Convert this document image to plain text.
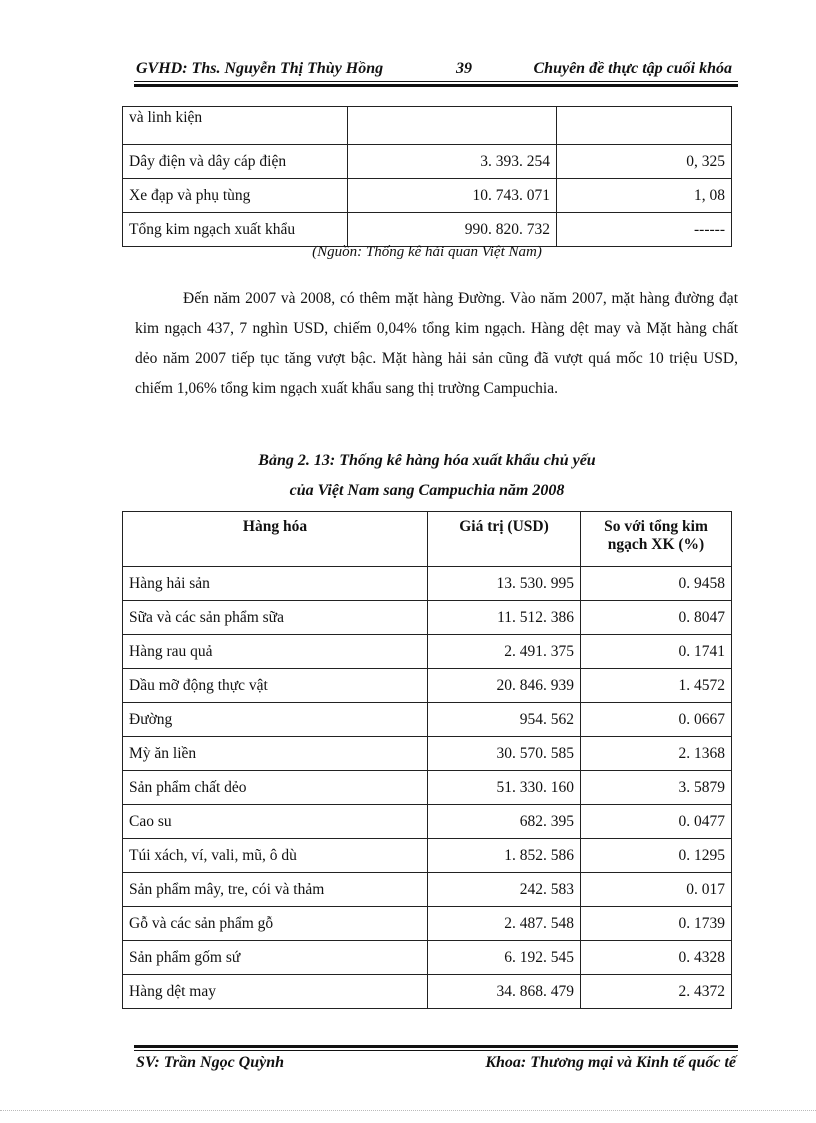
GVHD: Ths. Nguyễn Thị Thùy Hồng	39	Chuyên đề thực tập cuối khóa
và linh kiện		
Dây điện và dây cáp điện	3. 393. 254	0, 325
Xe đạp và phụ tùng	10. 743. 071	1, 08
Tổng kim ngạch xuất khẩu	990. 820. 732	------
(Nguồn: Thống kê hải quan Việt Nam)

Đến năm 2007 và 2008, có thêm mặt hàng Đường. Vào năm 2007, mặt hàng đường đạt kim ngạch 437, 7 nghìn USD, chiếm 0,04% tổng kim ngạch. Hàng dệt may và Mặt hàng chất dẻo năm 2007 tiếp tục tăng vượt bậc. Mặt hàng hải sản cũng đã vượt quá mốc 10 triệu USD, chiếm 1,06% tổng kim ngạch xuất khẩu sang thị trường Campuchia.

Bảng 2. 13: Thống kê hàng hóa xuất khẩu chủ yếu
của Việt Nam sang Campuchia năm 2008
Hàng hóa	Giá trị (USD)	So với tổng kim ngạch XK (%)
Hàng hải sản	13. 530. 995	0. 9458
Sữa và các sản phẩm sữa	11. 512. 386	0. 8047
Hàng rau quả	2. 491. 375	0. 1741
Dầu mỡ động thực vật	20. 846. 939	1. 4572
Đường	954. 562	0. 0667
Mỳ ăn liền	30. 570. 585	2. 1368
Sản phẩm chất dẻo	51. 330. 160	3. 5879
Cao su	682. 395	0. 0477
Túi xách, ví, vali, mũ, ô dù	1. 852. 586	0. 1295
Sản phẩm mây, tre, cói và thảm	242. 583	0. 017
Gỗ và các sản phẩm gỗ	2. 487. 548	0. 1739
Sản phẩm gốm sứ	6. 192. 545	0. 4328
Hàng dệt may	34. 868. 479	2. 4372
SV: Trần Ngọc Quỳnh	Khoa: Thương mại và Kinh tế quốc tế
